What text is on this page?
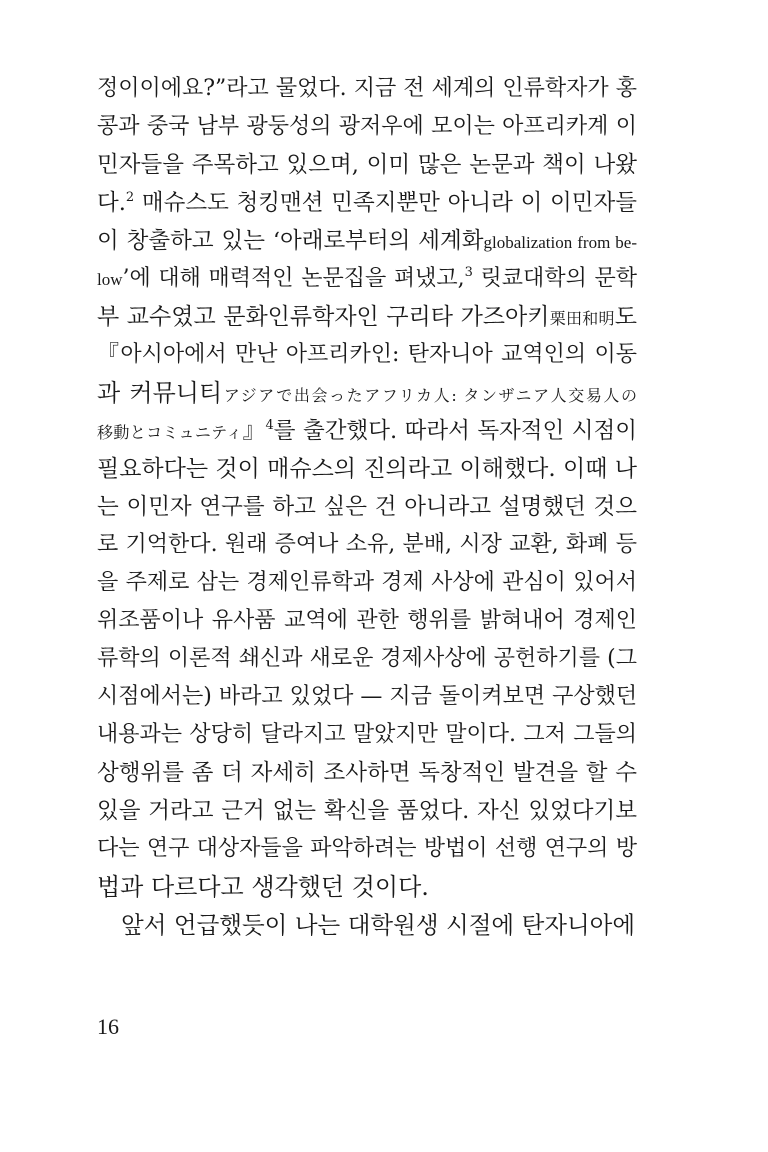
정이이에요?”라고 물었다. 지금 전 세계의 인류학자가 홍
콩과 중국 남부 광둥성의 광저우에 모이는 아프리카계 이
민자들을 주목하고 있으며, 이미 많은 논문과 책이 나왔
다.$^2$ 매슈스도 청킹맨션 민족지뿐만 아니라 이 이민자들
이 창출하고 있는 ‘아래로부터의 세계화globalization from be-
low’에 대해 매력적인 논문집을 펴냈고,$^3$ 릿쿄대학의 문학
부 교수였고 문화인류학자인 구리타 가즈아키栗田和明도
『아시아에서 만난 아프리카인: 탄자니아 교역인의 이동
과 커뮤니티アジアで出会ったアフリカ人: タンザニア人交易人の
移動とコミュニティ』$^4$를 출간했다. 따라서 독자적인 시점이
필요하다는 것이 매슈스의 진의라고 이해했다. 이때 나
는 이민자 연구를 하고 싶은 건 아니라고 설명했던 것으
로 기억한다. 원래 증여나 소유, 분배, 시장 교환, 화폐 등
을 주제로 삼는 경제인류학과 경제 사상에 관심이 있어서
위조품이나 유사품 교역에 관한 행위를 밝혀내어 경제인
류학의 이론적 쇄신과 새로운 경제사상에 공헌하기를 (그
시점에서는) 바라고 있었다 — 지금 돌이켜보면 구상했던
내용과는 상당히 달라지고 말았지만 말이다. 그저 그들의
상행위를 좀 더 자세히 조사하면 독창적인 발견을 할 수
있을 거라고 근거 없는 확신을 품었다. 자신 있었다기보
다는 연구 대상자들을 파악하려는 방법이 선행 연구의 방
법과 다르다고 생각했던 것이다.
앞서 언급했듯이 나는 대학원생 시절에 탄자니아에
16
